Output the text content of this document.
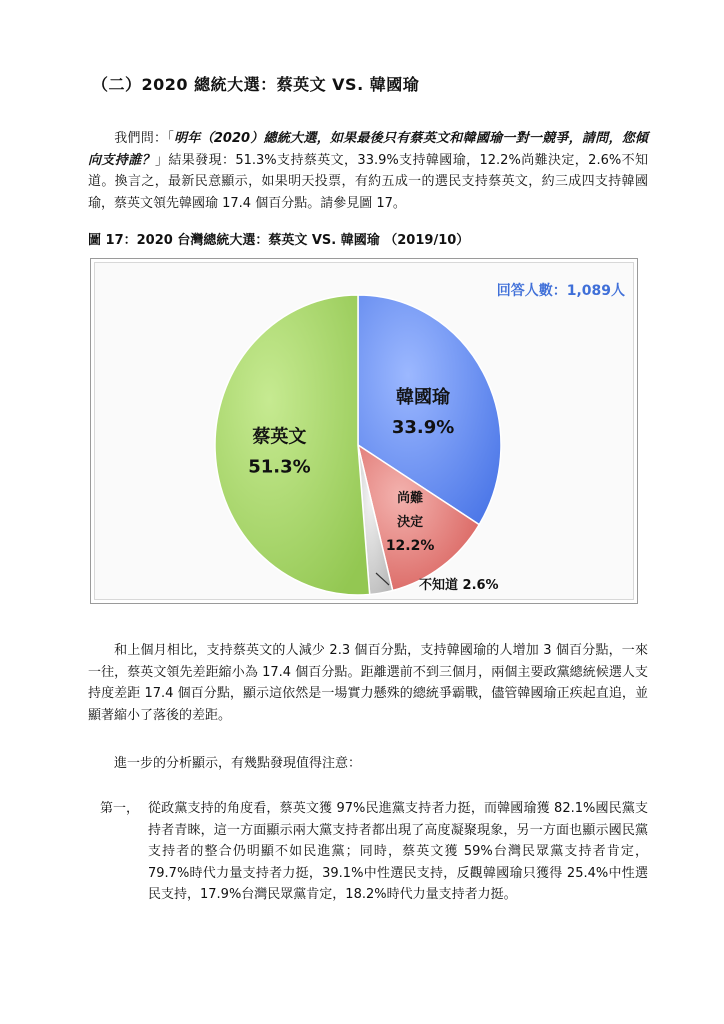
（二）2020 總統大選：蔡英文 VS. 韓國瑜
我們問：「明年（2020）總統大選，如果最後只有蔡英文和韓國瑜一對一競爭，請問，您傾向支持誰？」結果發現：51.3%支持蔡英文，33.9%支持韓國瑜，12.2%尚難決定，2.6%不知道。換言之，最新民意顯示，如果明天投票，有約五成一的選民支持蔡英文，約三成四支持韓國瑜，蔡英文領先韓國瑜 17.4 個百分點。請參見圖 17。
圖 17：2020 台灣總統大選：蔡英文 VS. 韓國瑜 （2019/10）
回答人數：1,089人
韓國瑜
33.9%
尚難
決定
12.2%
蔡英文
51.3%
不知道 2.6%
和上個月相比，支持蔡英文的人減少 2.3 個百分點，支持韓國瑜的人增加 3 個百分點，一來一往，蔡英文領先差距縮小為 17.4 個百分點。距離選前不到三個月，兩個主要政黨總統候選人支持度差距 17.4 個百分點，顯示這依然是一場實力懸殊的總統爭霸戰，儘管韓國瑜正疾起直追，並顯著縮小了落後的差距。
進一步的分析顯示，有幾點發現值得注意：
第一， 從政黨支持的角度看，蔡英文獲 97%民進黨支持者力挺，而韓國瑜獲 82.1%國民黨支持者青睞，這一方面顯示兩大黨支持者都出現了高度凝聚現象，另一方面也顯示國民黨支持者的整合仍明顯不如民進黨；同時，蔡英文獲 59%台灣民眾黨支持者肯定，79.7%時代力量支持者力挺，39.1%中性選民支持，反觀韓國瑜只獲得 25.4%中性選民支持，17.9%台灣民眾黨肯定，18.2%時代力量支持者力挺。
